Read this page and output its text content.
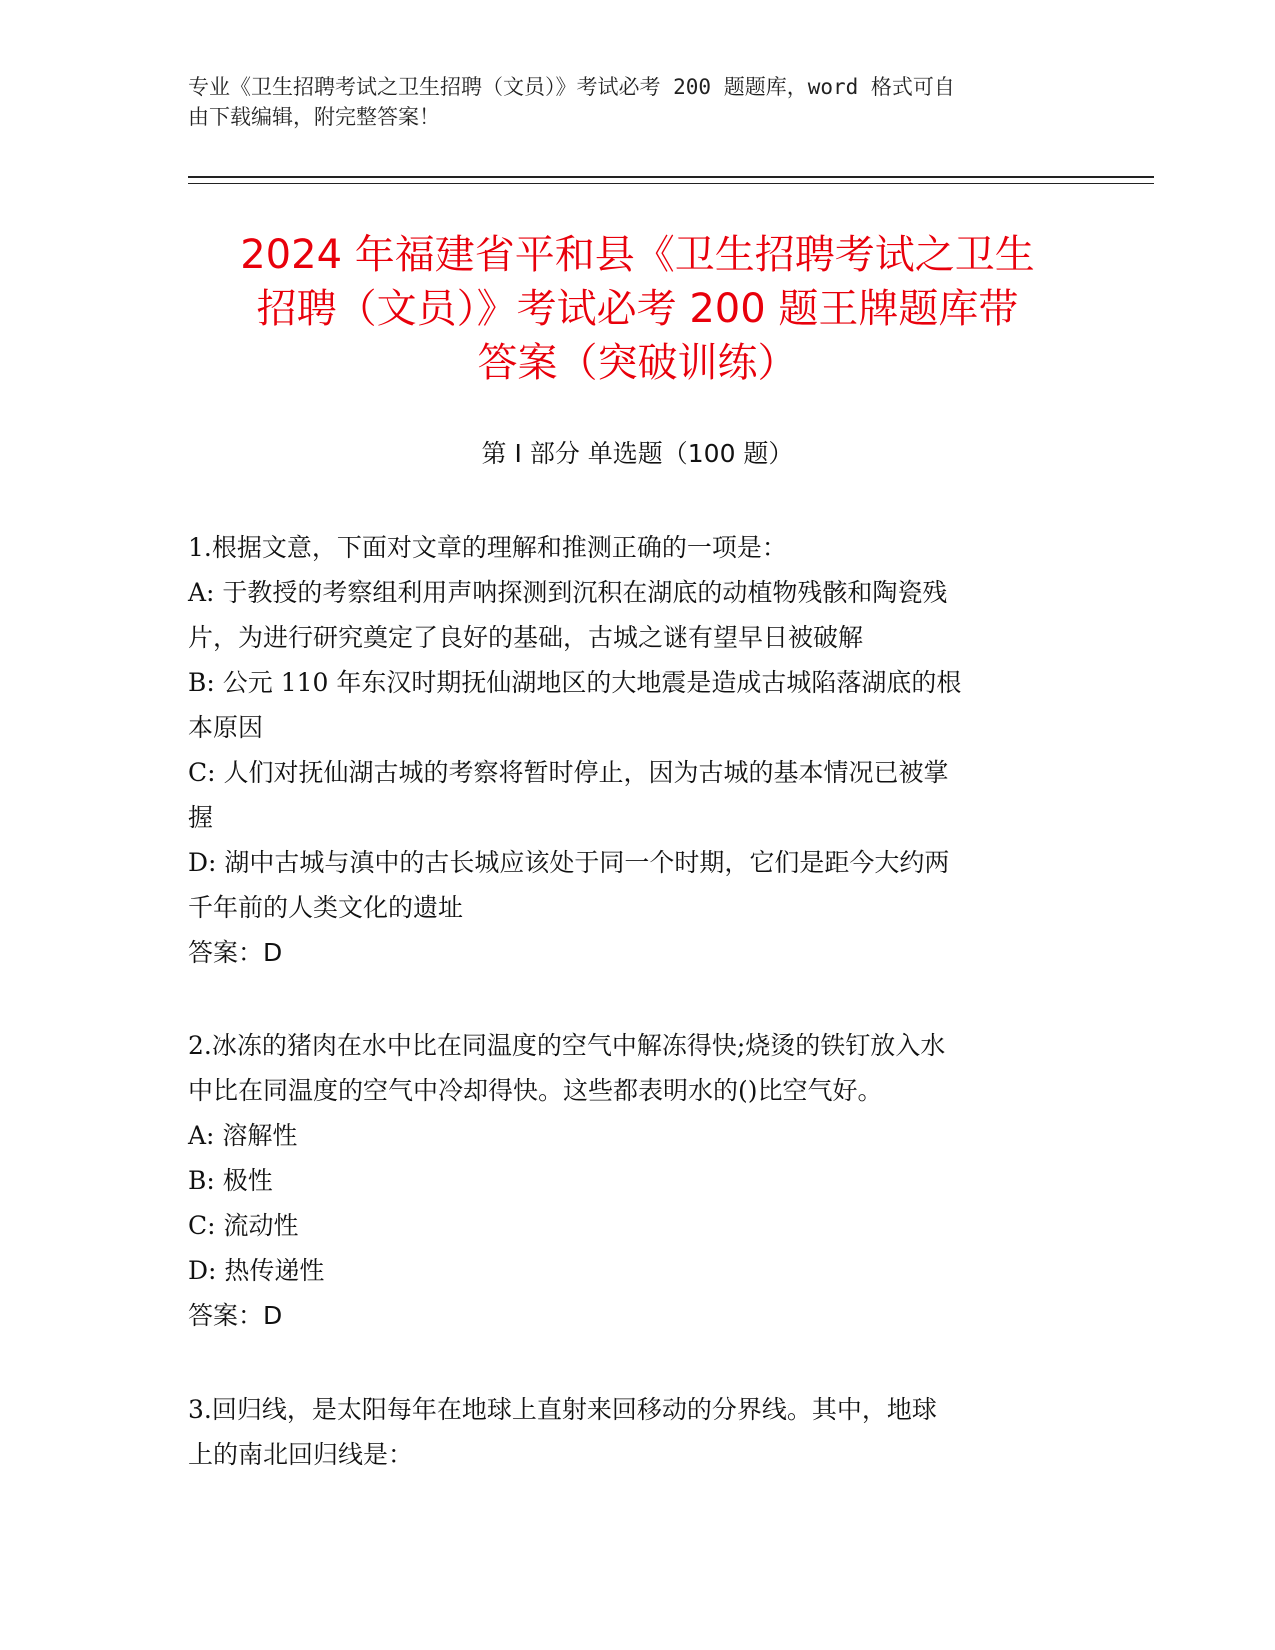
专业《卫生招聘考试之卫生招聘（文员）》考试必考 200 题题库，word 格式可自
由下载编辑，附完整答案！
2024 年福建省平和县《卫生招聘考试之卫生
招聘（文员）》考试必考 200 题王牌题库带
答案（突破训练）
第 I 部分 单选题（100 题）
1.根据文意，下面对文章的理解和推测正确的一项是：
A: 于教授的考察组利用声呐探测到沉积在湖底的动植物残骸和陶瓷残
片，为进行研究奠定了良好的基础，古城之谜有望早日被破解
B: 公元 110 年东汉时期抚仙湖地区的大地震是造成古城陷落湖底的根
本原因
C: 人们对抚仙湖古城的考察将暂时停止，因为古城的基本情况已被掌
握
D: 湖中古城与滇中的古长城应该处于同一个时期，它们是距今大约两
千年前的人类文化的遗址
答案：D
2.冰冻的猪肉在水中比在同温度的空气中解冻得快;烧烫的铁钉放入水
中比在同温度的空气中冷却得快。这些都表明水的()比空气好。
A: 溶解性
B: 极性
C: 流动性
D: 热传递性
答案：D
3.回归线，是太阳每年在地球上直射来回移动的分界线。其中，地球
上的南北回归线是：
